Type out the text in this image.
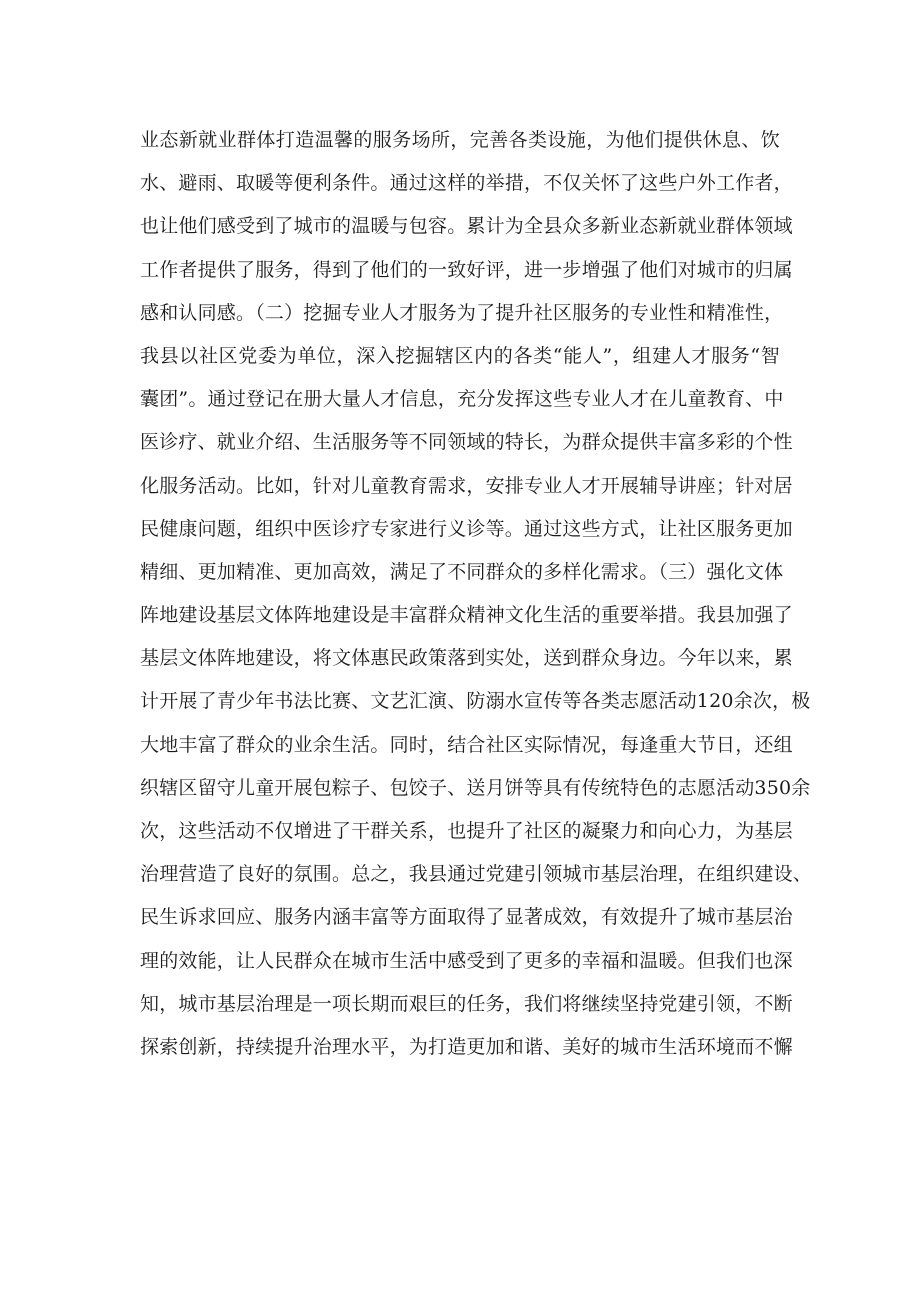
业态新就业群体打造温馨的服务场所，完善各类设施，为他们提供休息、饮
水、避雨、取暖等便利条件。通过这样的举措，不仅关怀了这些户外工作者，
也让他们感受到了城市的温暖与包容。累计为全县众多新业态新就业群体领域
工作者提供了服务，得到了他们的一致好评，进一步增强了他们对城市的归属
感和认同感。（二）挖掘专业人才服务为了提升社区服务的专业性和精准性，
我县以社区党委为单位，深入挖掘辖区内的各类“能人”，组建人才服务“智
囊团”。通过登记在册大量人才信息，充分发挥这些专业人才在儿童教育、中
医诊疗、就业介绍、生活服务等不同领域的特长，为群众提供丰富多彩的个性
化服务活动。比如，针对儿童教育需求，安排专业人才开展辅导讲座；针对居
民健康问题，组织中医诊疗专家进行义诊等。通过这些方式，让社区服务更加
精细、更加精准、更加高效，满足了不同群众的多样化需求。（三）强化文体
阵地建设基层文体阵地建设是丰富群众精神文化生活的重要举措。我县加强了
基层文体阵地建设，将文体惠民政策落到实处，送到群众身边。今年以来，累
计开展了青少年书法比赛、文艺汇演、防溺水宣传等各类志愿活动120余次，极
大地丰富了群众的业余生活。同时，结合社区实际情况，每逢重大节日，还组
织辖区留守儿童开展包粽子、包饺子、送月饼等具有传统特色的志愿活动350余
次，这些活动不仅增进了干群关系，也提升了社区的凝聚力和向心力，为基层
治理营造了良好的氛围。总之，我县通过党建引领城市基层治理，在组织建设、
民生诉求回应、服务内涵丰富等方面取得了显著成效，有效提升了城市基层治
理的效能，让人民群众在城市生活中感受到了更多的幸福和温暖。但我们也深
知，城市基层治理是一项长期而艰巨的任务，我们将继续坚持党建引领，不断
探索创新，持续提升治理水平，为打造更加和谐、美好的城市生活环境而不懈
